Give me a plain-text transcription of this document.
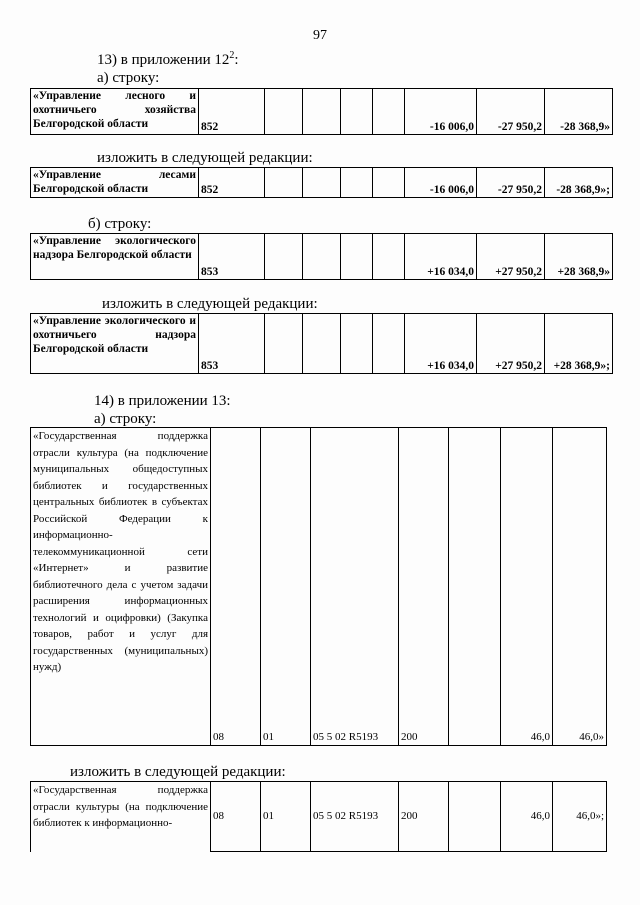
97
13) в приложении $12^2$:
а) строку:
«Управление лесного и охотничьего хозяйства Белгородской области	852					-16 006,0	-27 950,2	-28 368,9»
изложить в следующей редакции:
«Управление лесами Белгородской области	852					-16 006,0	-27 950,2	-28 368,9»;
б) строку:
«Управление экологического надзора Белгородской области	853					+16 034,0	+27 950,2	+28 368,9»
изложить в следующей редакции:
«Управление экологического и охотничьего надзора Белгородской области	853					+16 034,0	+27 950,2	+28 368,9»;
14) в приложении 13:
а) строку:
«Государственная поддержка отрасли культура (на подключение муниципальных общедоступных библиотек и государственных центральных библиотек в субъектах Российской Федерации к информационно-телекоммуникационной сети «Интернет» и развитие библиотечного дела с учетом задачи расширения информационных технологий и оцифровки) (Закупка товаров, работ и услуг для государственных (муниципальных) нужд)	08	01	05 5 02 R5193	200		46,0	46,0»
изложить в следующей редакции:
«Государственная поддержка отрасли культуры (на подключение библиотек к информационно-	08	01	05 5 02 R5193	200		46,0	46,0»;
